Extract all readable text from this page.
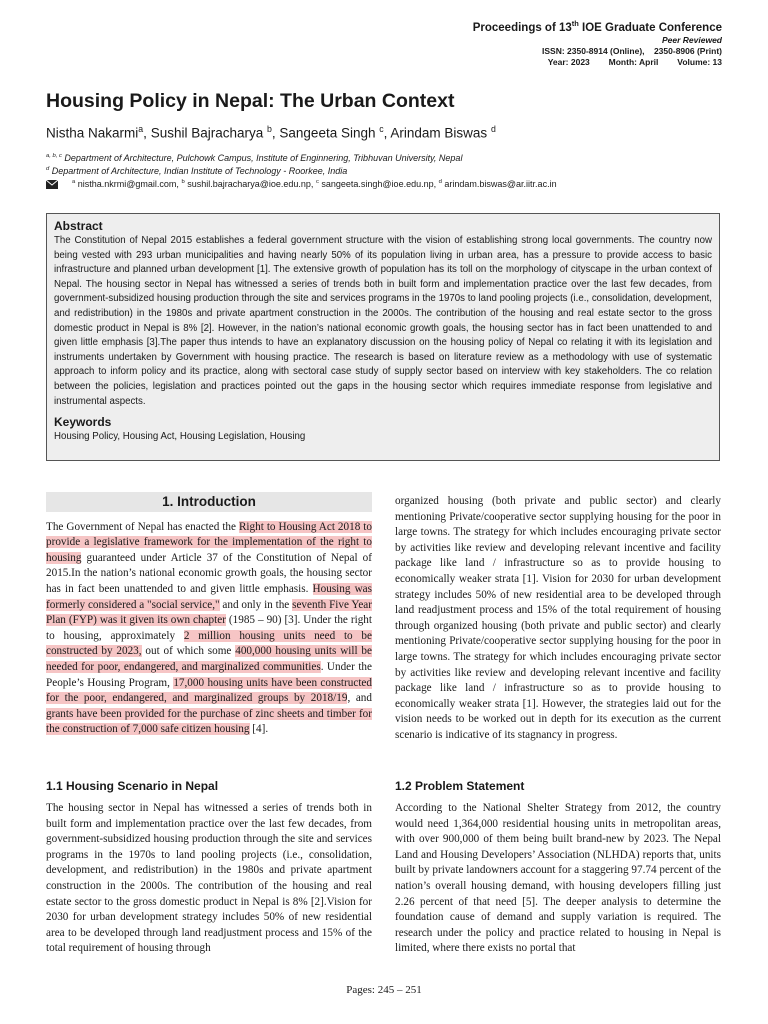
Proceedings of 13th IOE Graduate Conference
Peer Reviewed
ISSN: 2350-8914 (Online),    2350-8906 (Print)
Year: 2023        Month: April        Volume: 13
Housing Policy in Nepal: The Urban Context
Nistha Nakarmi$^a$, Sushil Bajracharya $^b$, Sangeeta Singh $^c$, Arindam Biswas $^d$
$^{a, b, c}$ Department of Architecture, Pulchowk Campus, Institute of Enginnering, Tribhuvan University, Nepal
$^d$ Department of Architecture, Indian Institute of Technology - Roorkee, India
$^a$ nistha.nkrmi@gmail.com, $^b$ sushil.bajracharya@ioe.edu.np, $^c$ sangeeta.singh@ioe.edu.np, $^d$ arindam.biswas@ar.iitr.ac.in
Abstract

The Constitution of Nepal 2015 establishes a federal government structure with the vision of establishing strong local governments. The country now being vested with 293 urban municipalities and having nearly 50% of its population living in urban area, has a pressure to provide access to basic infrastructure and planned urban development [1]. The extensive growth of population has its toll on the morphology of cityscape in the urban context of Nepal. The housing sector in Nepal has witnessed a series of trends both in built form and implementation practice over the last few decades, from government-subsidized housing production through the site and services programs in the 1970s to land pooling projects (i.e., consolidation, development, and redistribution) in the 1980s and private apartment construction in the 2000s. The contribution of the housing and real estate sector to the gross domestic product in Nepal is 8% [2]. However, in the nation’s national economic growth goals, the housing sector has in fact been unattended to and given little emphasis [3].The paper thus intends to have an explanatory discussion on the housing policy of Nepal co relating it with its legislation and instruments undertaken by Government with housing practice. The research is based on literature review as a methodology with use of systematic approach to inform policy and its practice, along with sectoral case study of supply sector based on interview with key stakeholders. The co relation between the policies, legislation and practices pointed out the gaps in the housing sector which requires immediate response from legislative and instrumental aspects.

Keywords

Housing Policy, Housing Act, Housing Legislation, Housing

1. Introduction

The Government of Nepal has enacted the Right to Housing Act 2018 to provide a legislative framework for the implementation of the right to housing guaranteed under Article 37 of the Constitution of Nepal of 2015.In the nation’s national economic growth goals, the housing sector has in fact been unattended to and given little emphasis. Housing was formerly considered a "social service," and only in the seventh Five Year Plan (FYP) was it given its own chapter (1985 – 90) [3]. Under the right to housing, approximately 2 million housing units need to be constructed by 2023, out of which some 400,000 housing units will be needed for poor, endangered, and marginalized communities. Under the People’s Housing Program, 17,000 housing units have been constructed for the poor, endangered, and marginalized groups by 2018/19, and grants have been provided for the purchase of zinc sheets and timber for the construction of 7,000 safe citizen housing [4].

organized housing (both private and public sector) and clearly mentioning Private/cooperative sector supplying housing for the poor in large towns. The strategy for which includes encouraging private sector by activities like review and developing relevant incentive and facility package like land / infrastructure so as to provide housing to economically weaker strata [1]. Vision for 2030 for urban development strategy includes 50% of new residential area to be developed through land readjustment process and 15% of the total requirement of housing through organized housing (both private and public sector) and clearly mentioning Private/cooperative sector supplying housing for the poor in large towns. The strategy for which includes encouraging private sector by activities like review and developing relevant incentive and facility package like land / infrastructure so as to provide housing to economically weaker strata [1]. However, the strategies laid out for the vision needs to be worked out in depth for its execution as the current scenario is indicative of its stagnancy in progress.

1.1 Housing Scenario in Nepal	1.2 Problem Statement

The housing sector in Nepal has witnessed a series of trends both in built form and implementation practice over the last few decades, from government-subsidized housing production through the site and services programs in the 1970s to land pooling projects (i.e., consolidation, development, and redistribution) in the 1980s and private apartment construction in the 2000s. The contribution of the housing and real estate sector to the gross domestic product in Nepal is 8% [2].Vision for 2030 for urban development strategy includes 50% of new residential area to be developed through land readjustment process and 15% of the total requirement of housing through

According to the National Shelter Strategy from 2012, the country would need 1,364,000 residential housing units in metropolitan areas, with over 900,000 of them being built brand-new by 2023. The Nepal Land and Housing Developers’ Association (NLHDA) reports that, units built by private landowners account for a staggering 97.74 percent of the nation’s overall housing demand, with housing developers filling just 2.26 percent of that need [5]. The deeper analysis to determine the foundation cause of demand and supply variation is required. The research under the policy and practice related to housing in Nepal is limited, where there exists no portal that

Pages: 245 – 251
